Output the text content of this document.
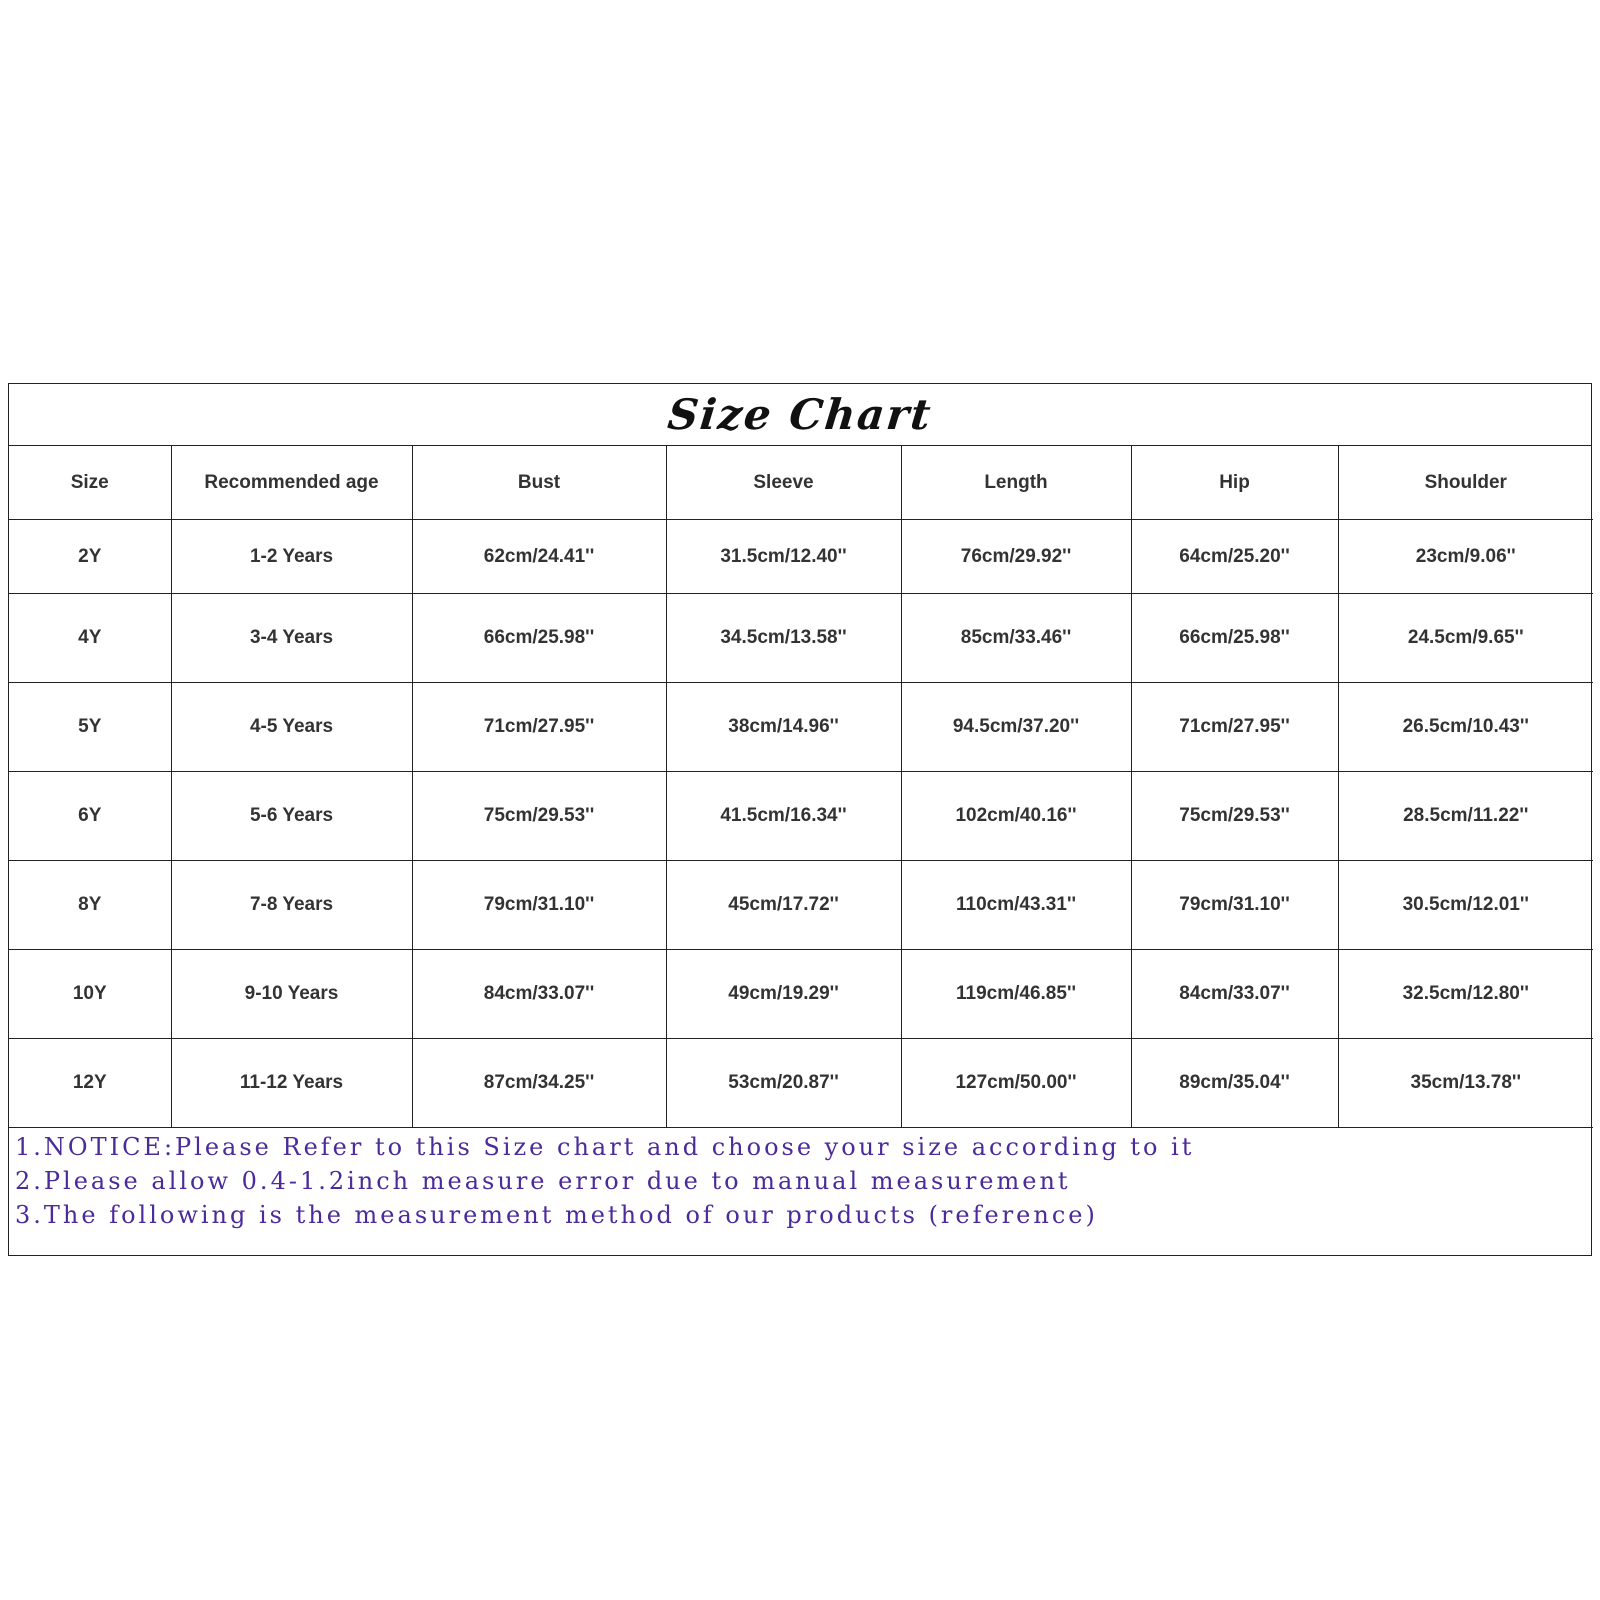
Size Chart
Size	Recommended age	Bust	Sleeve	Length	Hip	Shoulder
2Y	1-2 Years	62cm/24.41''	31.5cm/12.40''	76cm/29.92''	64cm/25.20''	23cm/9.06''
4Y	3-4 Years	66cm/25.98''	34.5cm/13.58''	85cm/33.46''	66cm/25.98''	24.5cm/9.65''
5Y	4-5 Years	71cm/27.95''	38cm/14.96''	94.5cm/37.20''	71cm/27.95''	26.5cm/10.43''
6Y	5-6 Years	75cm/29.53''	41.5cm/16.34''	102cm/40.16''	75cm/29.53''	28.5cm/11.22''
8Y	7-8 Years	79cm/31.10''	45cm/17.72''	110cm/43.31''	79cm/31.10''	30.5cm/12.01''
10Y	9-10 Years	84cm/33.07''	49cm/19.29''	119cm/46.85''	84cm/33.07''	32.5cm/12.80''
12Y	11-12 Years	87cm/34.25''	53cm/20.87''	127cm/50.00''	89cm/35.04''	35cm/13.78''
1.NOTICE:Please Refer to this Size chart and choose your size according to it
2.Please allow 0.4-1.2inch measure error due to manual measurement
3.The following is the measurement method of our products (reference)
